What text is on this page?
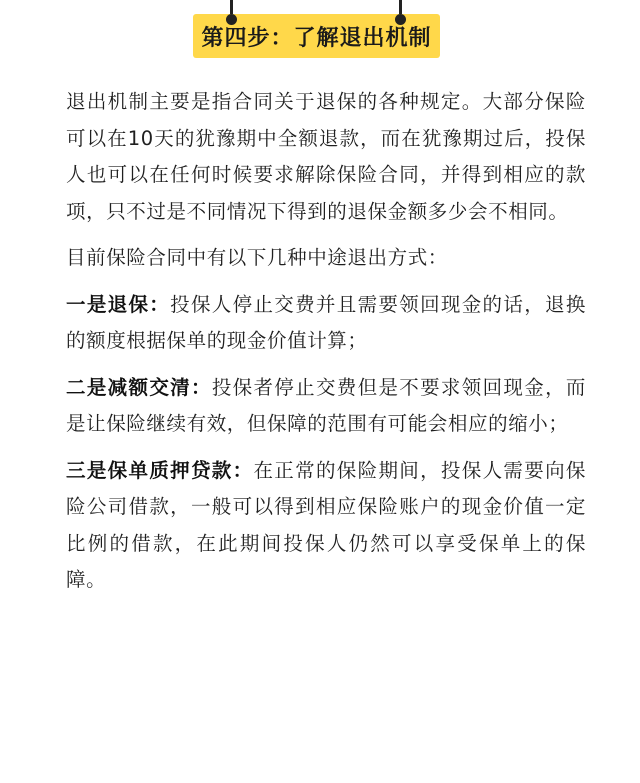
第四步：了解退出机制

退出机制主要是指合同关于退保的各种规定。大部分保险可以在10天的犹豫期中全额退款，而在犹豫期过后，投保人也可以在任何时候要求解除保险合同，并得到相应的款项，只不过是不同情况下得到的退保金额多少会不相同。

目前保险合同中有以下几种中途退出方式：

一是退保：投保人停止交费并且需要领回现金的话，退换的额度根据保单的现金价值计算；

二是减额交清：投保者停止交费但是不要求领回现金，而是让保险继续有效，但保障的范围有可能会相应的缩小；

三是保单质押贷款：在正常的保险期间，投保人需要向保险公司借款，一般可以得到相应保险账户的现金价值一定比例的借款，在此期间投保人仍然可以享受保单上的保障。
